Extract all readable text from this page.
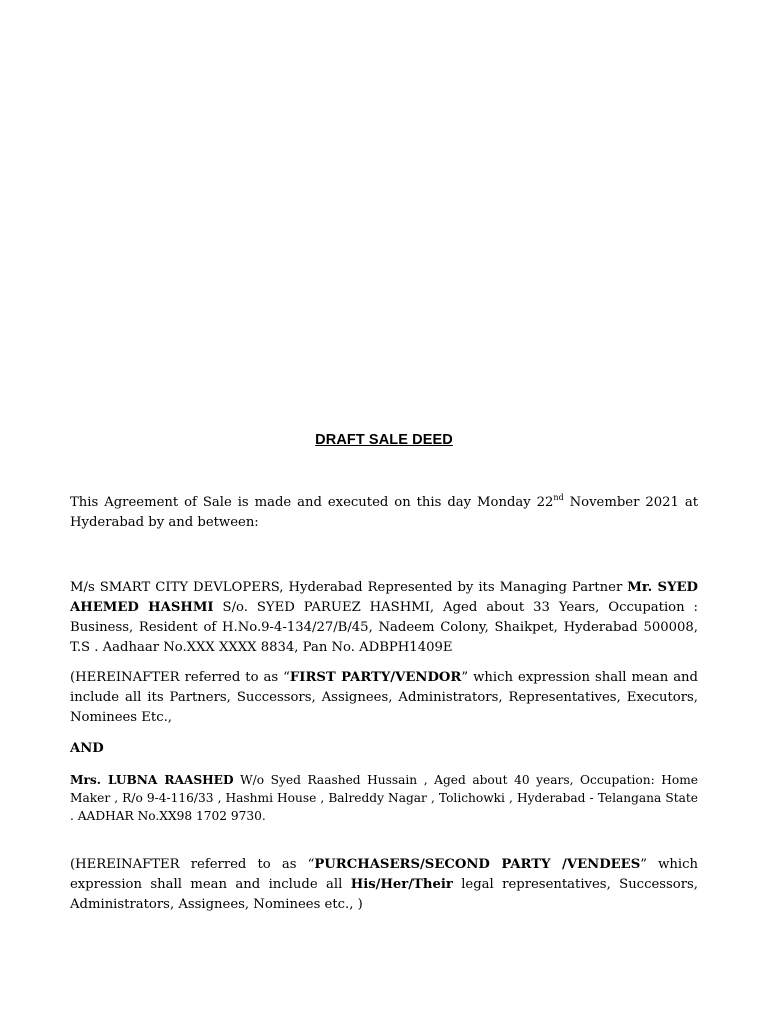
DRAFT SALE DEED

This Agreement of Sale is made and executed on this day Monday 22nd November 2021 at Hyderabad by and between:

M/s SMART CITY DEVLOPERS, Hyderabad Represented by its Managing Partner Mr. SYED AHEMED HASHMI S/o. SYED PARUEZ HASHMI, Aged about 33 Years, Occupation : Business, Resident of H.No.9-4-134/27/B/45, Nadeem Colony, Shaikpet, Hyderabad 500008, T.S . Aadhaar No.XXX XXXX 8834, Pan No. ADBPH1409E

(HEREINAFTER referred to as “FIRST PARTY/VENDOR” which expression shall mean and include all its Partners, Successors, Assignees, Administrators, Representatives, Executors, Nominees Etc.,

AND

Mrs. LUBNA RAASHED W/o Syed Raashed Hussain , Aged about 40 years, Occupation: Home Maker , R/o 9-4-116/33 , Hashmi House , Balreddy Nagar , Tolichowki , Hyderabad - Telangana State . AADHAR No.XX98 1702 9730.

(HEREINAFTER referred to as “PURCHASERS/SECOND PARTY /VENDEES” which expression shall mean and include all His/Her/Their legal representatives, Successors, Administrators, Assignees, Nominees etc., )
